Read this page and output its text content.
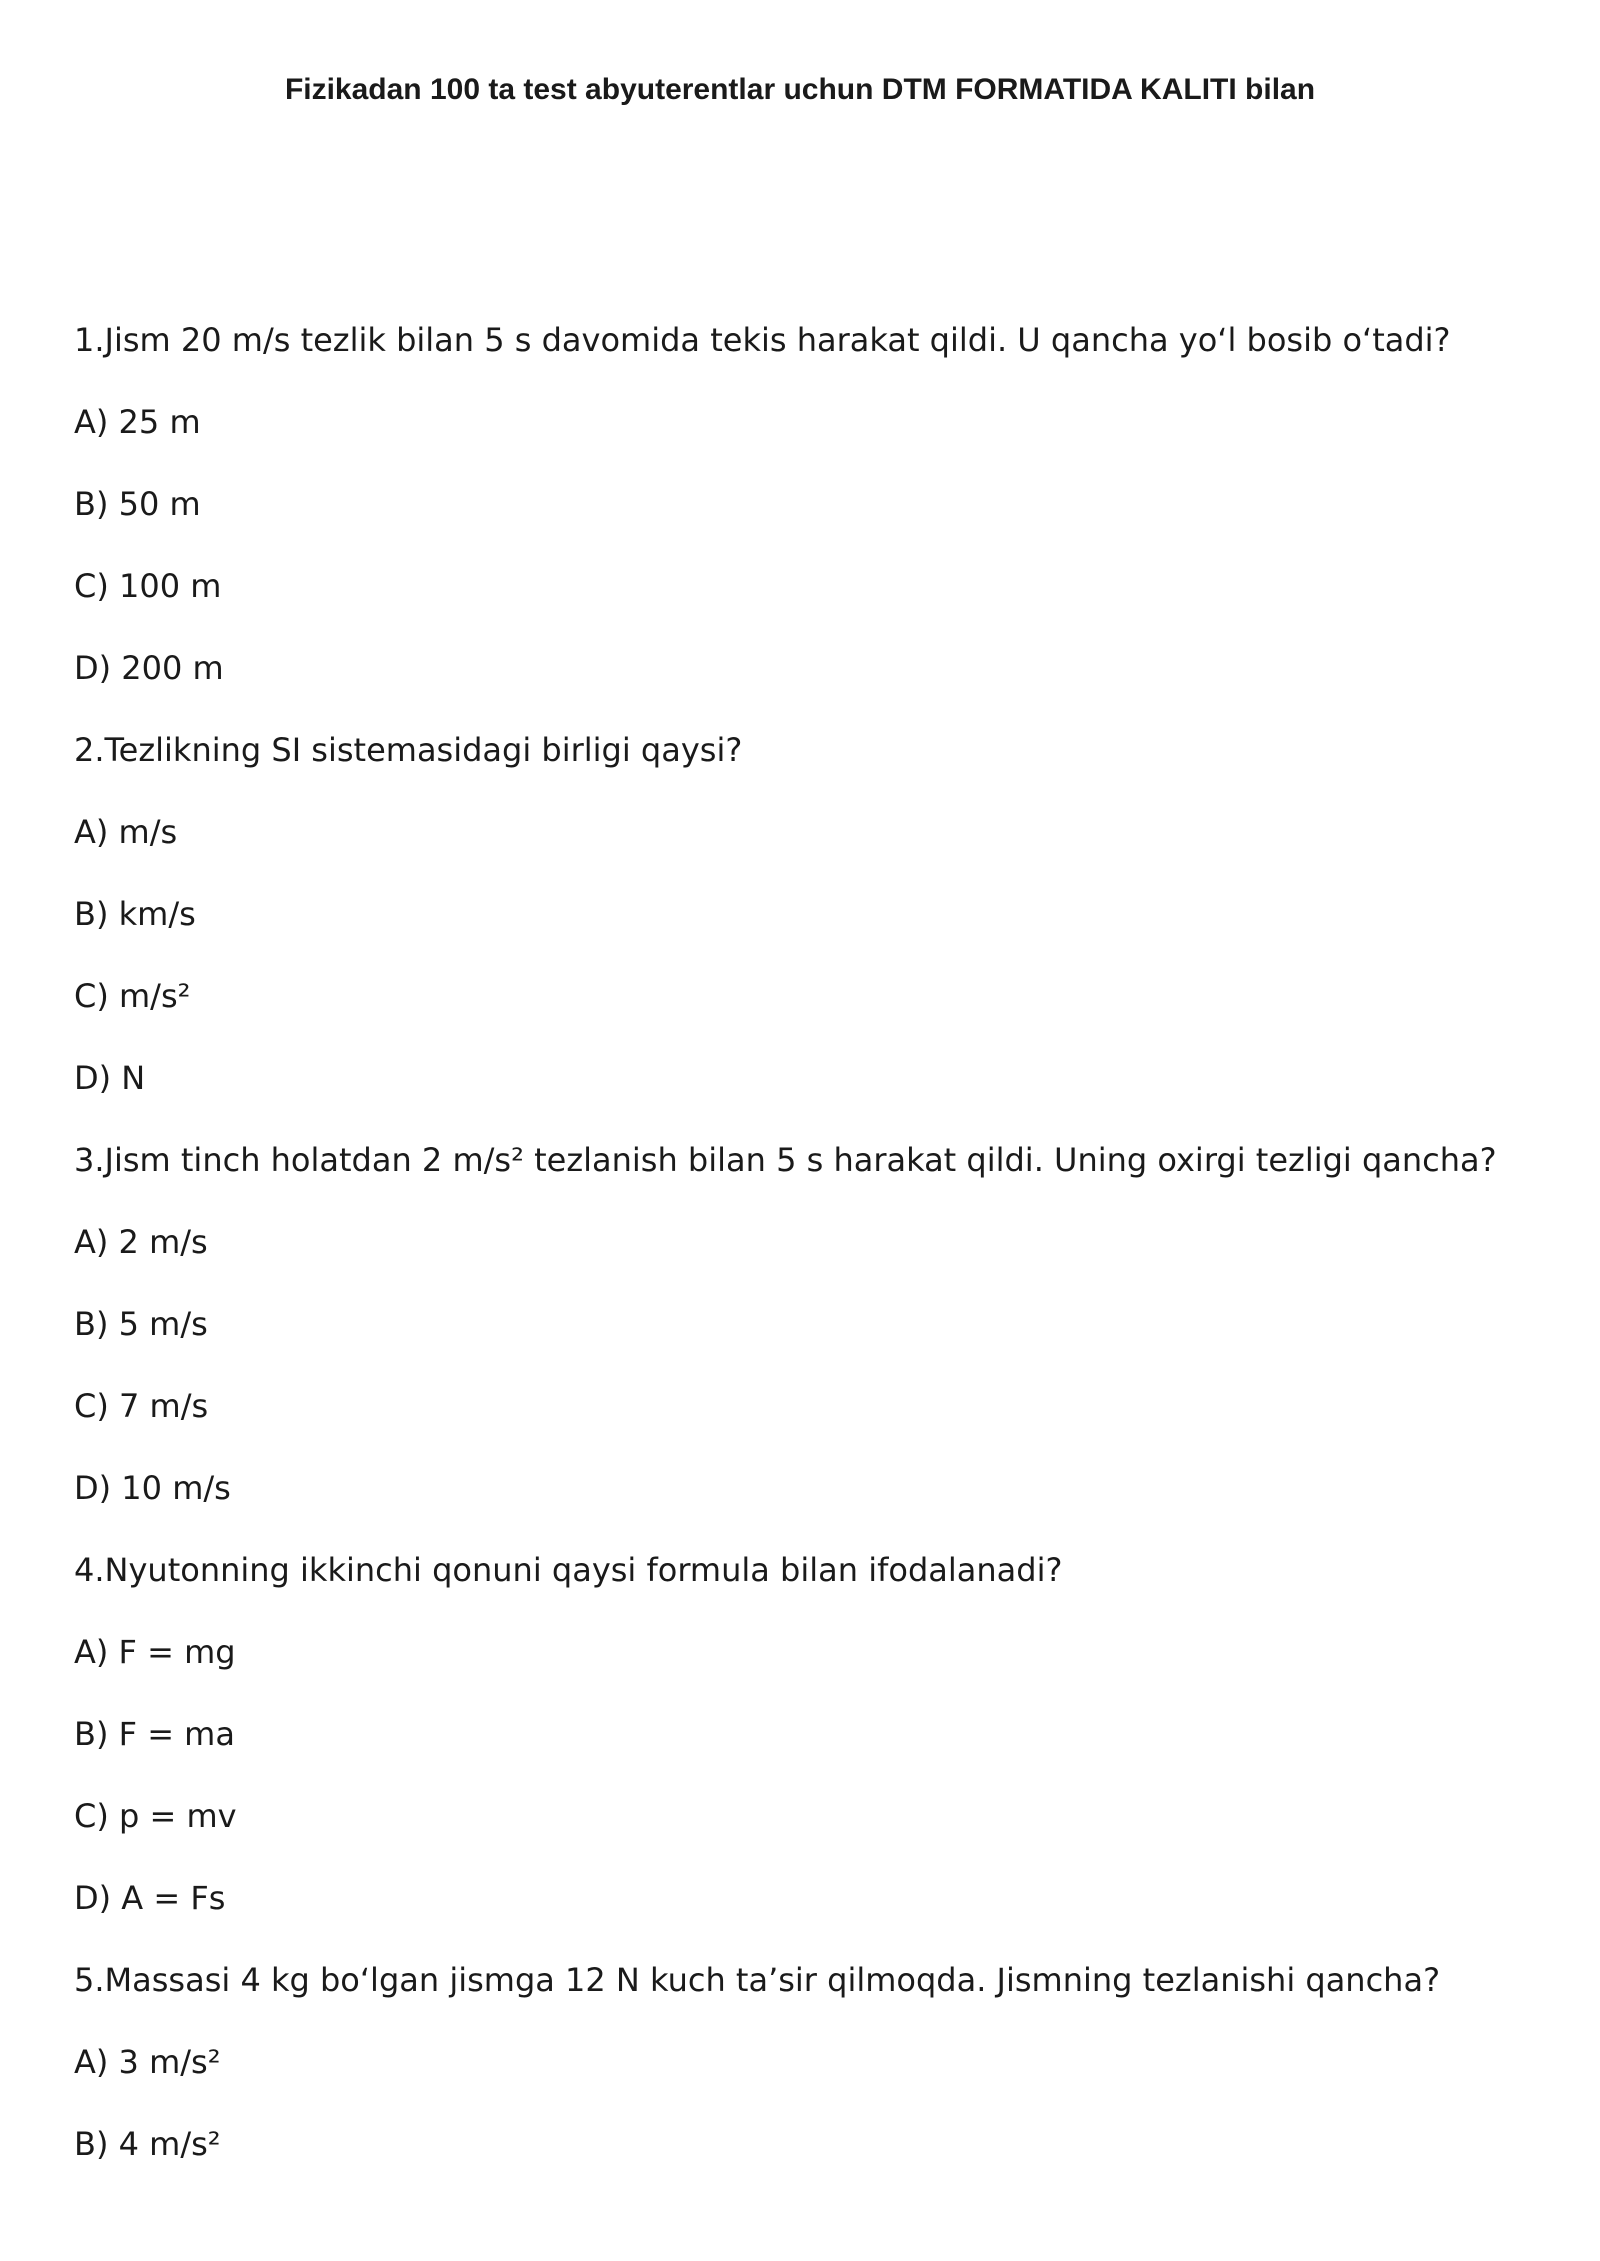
Fizikadan 100 ta test abyuterentlar uchun DTM FORMATIDA KALITI bilan
1.Jism 20 m/s tezlik bilan 5 s davomida tekis harakat qildi. U qancha yoʻl bosib oʻtadi?
A) 25 m
B) 50 m
C) 100 m
D) 200 m
2.Tezlikning SI sistemasidagi birligi qaysi?
A) m/s
B) km/s
C) m/s²
D) N
3.Jism tinch holatdan 2 m/s² tezlanish bilan 5 s harakat qildi. Uning oxirgi tezligi qancha?
A) 2 m/s
B) 5 m/s
C) 7 m/s
D) 10 m/s
4.Nyutonning ikkinchi qonuni qaysi formula bilan ifodalanadi?
A) F = mg
B) F = ma
C) p = mv
D) A = Fs
5.Massasi 4 kg boʻlgan jismga 12 N kuch taʼsir qilmoqda. Jismning tezlanishi qancha?
A) 3 m/s²
B) 4 m/s²
